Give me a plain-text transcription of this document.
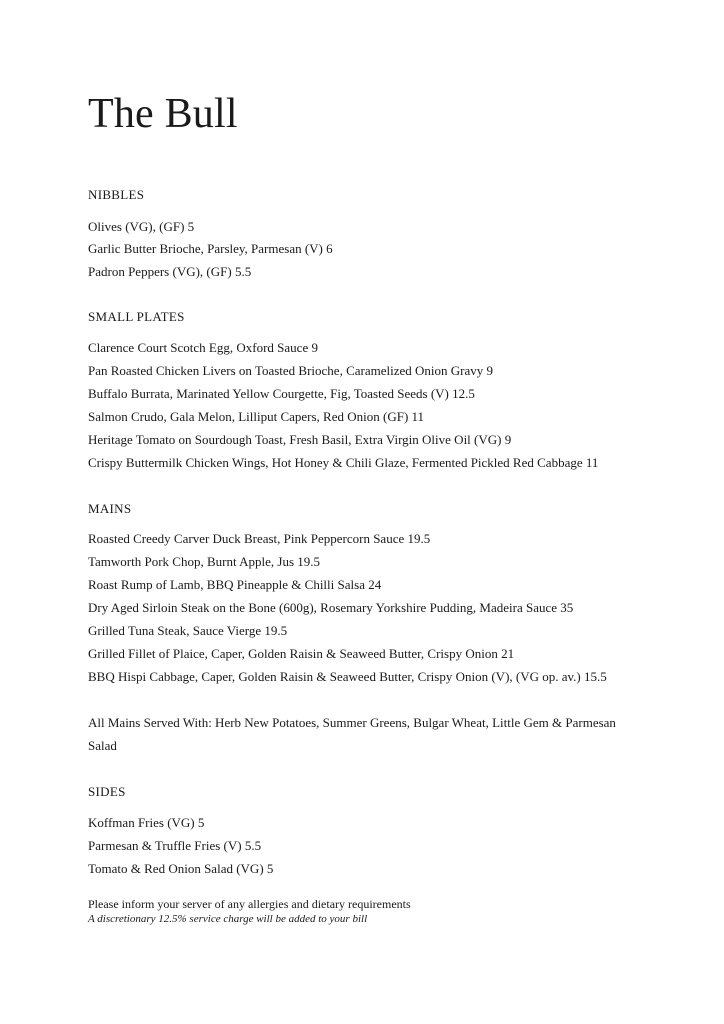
The Bull
NIBBLES
Olives (VG), (GF) 5
Garlic Butter Brioche, Parsley, Parmesan (V) 6
Padron Peppers (VG), (GF) 5.5
SMALL PLATES
Clarence Court Scotch Egg, Oxford Sauce 9
Pan Roasted Chicken Livers on Toasted Brioche, Caramelized Onion Gravy 9
Buffalo Burrata, Marinated Yellow Courgette, Fig, Toasted Seeds (V) 12.5
Salmon Crudo, Gala Melon, Lilliput Capers, Red Onion (GF) 11
Heritage Tomato on Sourdough Toast, Fresh Basil, Extra Virgin Olive Oil (VG) 9
Crispy Buttermilk Chicken Wings, Hot Honey & Chili Glaze, Fermented Pickled Red Cabbage 11
MAINS
Roasted Creedy Carver Duck Breast, Pink Peppercorn Sauce 19.5
Tamworth Pork Chop, Burnt Apple, Jus 19.5
Roast Rump of Lamb, BBQ Pineapple & Chilli Salsa 24
Dry Aged Sirloin Steak on the Bone (600g), Rosemary Yorkshire Pudding, Madeira Sauce 35
Grilled Tuna Steak, Sauce Vierge 19.5
Grilled Fillet of Plaice, Caper, Golden Raisin & Seaweed Butter, Crispy Onion 21
BBQ Hispi Cabbage, Caper, Golden Raisin & Seaweed Butter, Crispy Onion (V), (VG op. av.) 15.5
All Mains Served With: Herb New Potatoes, Summer Greens, Bulgar Wheat, Little Gem & Parmesan Salad
SIDES
Koffman Fries (VG) 5
Parmesan & Truffle Fries (V) 5.5
Tomato & Red Onion Salad (VG) 5
Please inform your server of any allergies and dietary requirements
A discretionary 12.5% service charge will be added to your bill
